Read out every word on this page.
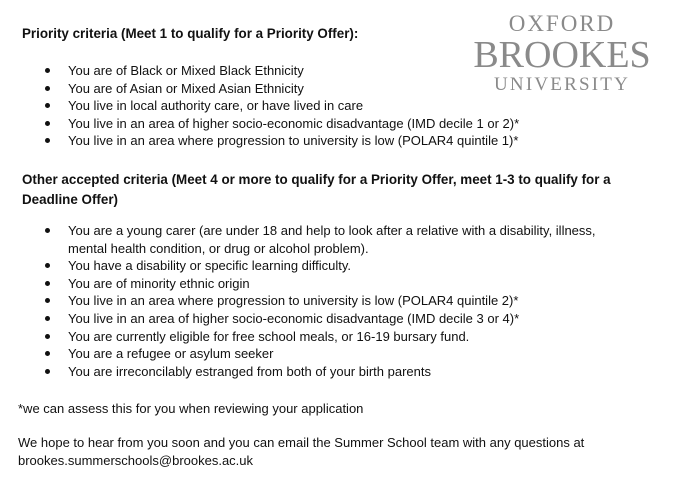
OXFORD
BROOKES
UNIVERSITY

Priority criteria (Meet 1 to qualify for a Priority Offer):

You are of Black or Mixed Black Ethnicity
You are of Asian or Mixed Asian Ethnicity
You live in local authority care, or have lived in care
You live in an area of higher socio-economic disadvantage (IMD decile 1 or 2)*
You live in an area where progression to university is low (POLAR4 quintile 1)*

Other accepted criteria (Meet 4 or more to qualify for a Priority Offer, meet 1-3 to qualify for a Deadline Offer)

You are a young carer (are under 18 and help to look after a relative with a disability, illness, mental health condition, or drug or alcohol problem).
You have a disability or specific learning difficulty.
You are of minority ethnic origin
You live in an area where progression to university is low (POLAR4 quintile 2)*
You live in an area of higher socio-economic disadvantage (IMD decile 3 or 4)*
You are currently eligible for free school meals, or 16-19 bursary fund.
You are a refugee or asylum seeker
You are irreconcilably estranged from both of your birth parents

*we can assess this for you when reviewing your application

We hope to hear from you soon and you can email the Summer School team with any questions at brookes.summerschools@brookes.ac.uk
